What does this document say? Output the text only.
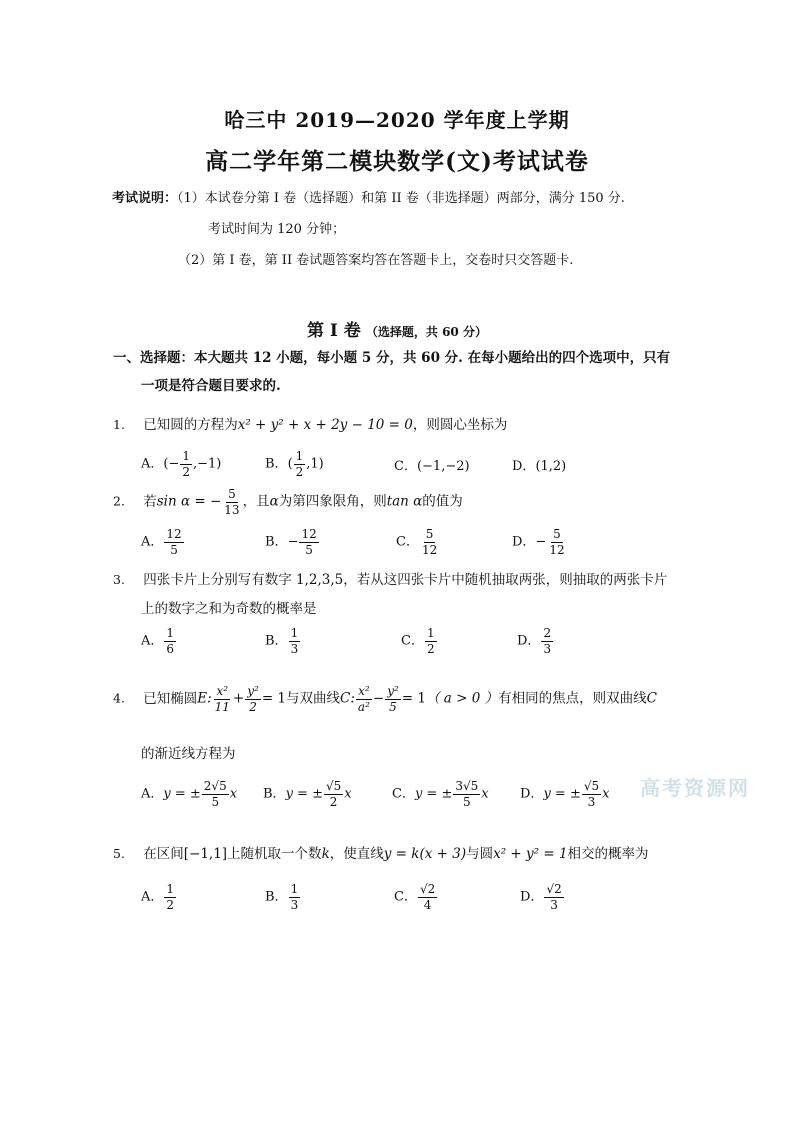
哈三中 2019—2020 学年度上学期
高二学年第二模块数学(文)考试试卷
考试说明：（1）本试卷分第 I 卷（选择题）和第 II 卷（非选择题）两部分，满分 150 分.
考试时间为 120 分钟；
（2）第 I 卷，第 II 卷试题答案均答在答题卡上，交卷时只交答题卡.
第 I 卷 （选择题，共 60 分）
一、选择题：本大题共 12 小题，每小题 5 分，共 60 分. 在每小题给出的四个选项中，只有
一项是符合题目要求的.
1. 已知圆的方程为x² + y² + x + 2y − 10 = 0，则圆心坐标为
A．(− $\frac{1}{2} ,-1$)	B．( $\frac{1}{2} ,1$)	C．(−1,−2)	D．(1,2)
2. 若sin α = − $\frac{5}{13}$ ，且α为第四象限角，则tan α的值为
A． $\frac{12}{5}$	B．− $\frac{12}{5}$	C． $\frac{5}{12}$	D．− $\frac{5}{12}$
3. 四张卡片上分别写有数字 1,2,3,5，若从这四张卡片中随机抽取两张，则抽取的两张卡片
上的数字之和为奇数的概率是
A． $\frac{1}{6}$	B． $\frac{1}{3}$	C． $\frac{1}{2}$	D． $\frac{2}{3}$
4. 已知椭圆E: $\frac{\text{x²}}{11} + \frac{\text{y²}}{2} = 1$与双曲线C: $\frac{\text{x²}}{\text{a²}} - \frac{\text{y²}}{5} = 1$（ a > 0 ）有相同的焦点，则双曲线C
的渐近线方程为
A．y = ± $\frac{2√5}{5}$ x B．y = ± $\frac{√5}{2}$ x	C．y = ± $\frac{3√5}{5}$ x D．y = ± $\frac{√5}{3}$ x 高考资源网
5. 在区间[−1,1]上随机取一个数k，使直线y = k(x + 3)与圆x² + y² = 1相交的概率为
A． $\frac{1}{2}$	B． $\frac{1}{3}$	C． $\frac{√2}{4}$	D． $\frac{√2}{3}$
